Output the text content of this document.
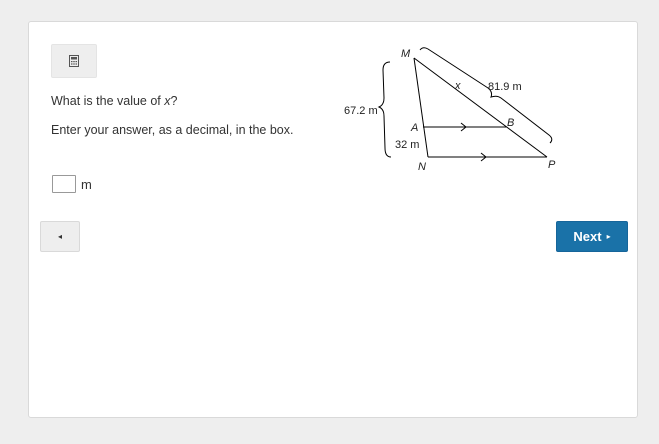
What is the value of x?
Enter your answer, as a decimal, in the box.
m
M
N	P
A	B
x	81.9 m
67.2 m
32 m
◂	Next ▸
